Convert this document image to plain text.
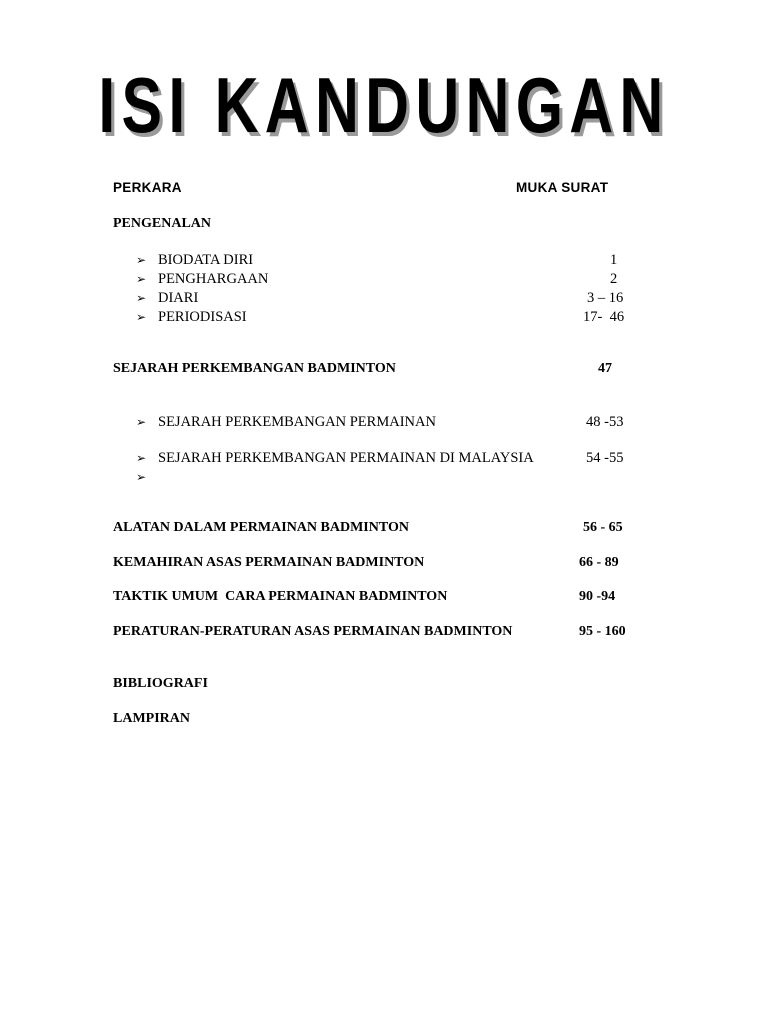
ISI KANDUNGAN
PERKARA	MUKA SURAT
PENGENALAN
➢ BIODATA DIRI	1
➢ PENGHARGAAN	2
➢ DIARI	3 – 16
➢ PERIODISASI	17-  46
SEJARAH PERKEMBANGAN BADMINTON	47
➢ SEJARAH PERKEMBANGAN PERMAINAN	48 -53
➢ SEJARAH PERKEMBANGAN PERMAINAN DI MALAYSIA	54 -55
➢
ALATAN DALAM PERMAINAN BADMINTON	56 - 65
KEMAHIRAN ASAS PERMAINAN BADMINTON	66 - 89
TAKTIK UMUM  CARA PERMAINAN BADMINTON	90 -94
PERATURAN-PERATURAN ASAS PERMAINAN BADMINTON	95 - 160
BIBLIOGRAFI
LAMPIRAN
